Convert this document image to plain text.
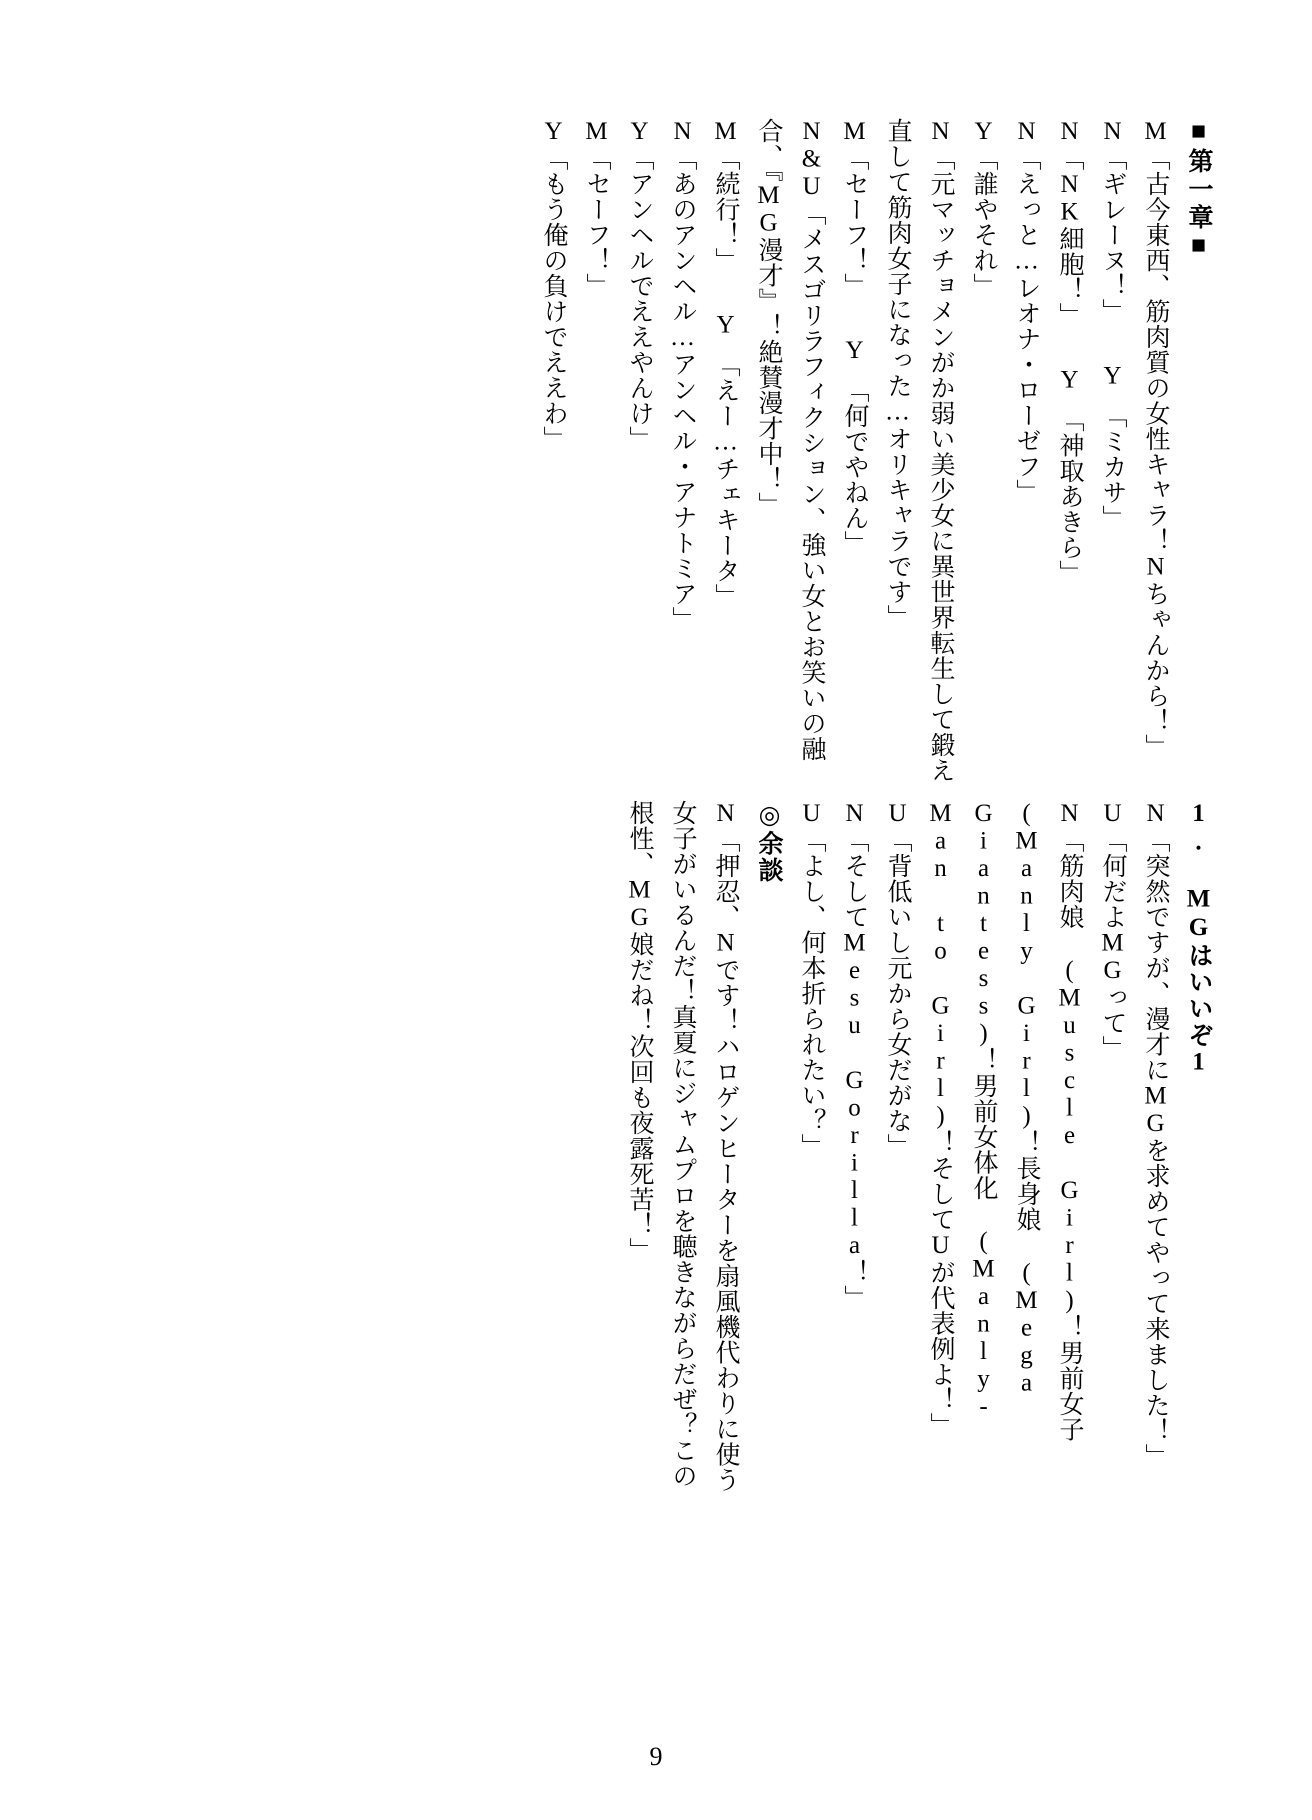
■第一章■
M「古今東西、筋肉質の女性キャラ！Nちゃんから！」
N「ギレーヌ！」　　Y　「ミカサ」
N「NK細胞！」　　Y　「神取あきら」
N「えっと…レオナ・ローゼフ」
Y「誰やそれ」
N「元マッチョメンがか弱い美少女に異世界転生して鍛え直して筋肉女子になった…オリキャラです」
M「セーフ！」　　Y　「何でやねん」
N&U「メスゴリラフィクション、強い女とお笑いの融合、『MG漫才』！絶賛漫才中！」
M「続行！」　　Y　「えー…チェキータ」
N「あのアンヘル…アンヘル・アナトミア」
Y「アンヘルでええやんけ」
M「セーフ！」
Y「もう俺の負けでええわ」
1. MGはいいぞ1
N「突然ですが、漫才にMGを求めてやって来ました！」
U「何だよMGって」
N「筋肉娘 (Muscle Girl)！男前女子 (Manly Girl)！長身娘 (Mega Giantess)！男前女体化 (Manly-Man to Girl)！そしてUが代表例よ！」
U「背低いし元から女だがな」
N「そしてMesu Gorilla！」
U「よし、何本折られたい？」
◎余談
N「押忍、Nです！ハロゲンヒーターを扇風機代わりに使う女子がいるんだ！真夏にジャムプロを聴きながらだぜ？この根性、MG娘だね！次回も夜露死苦！」
9
